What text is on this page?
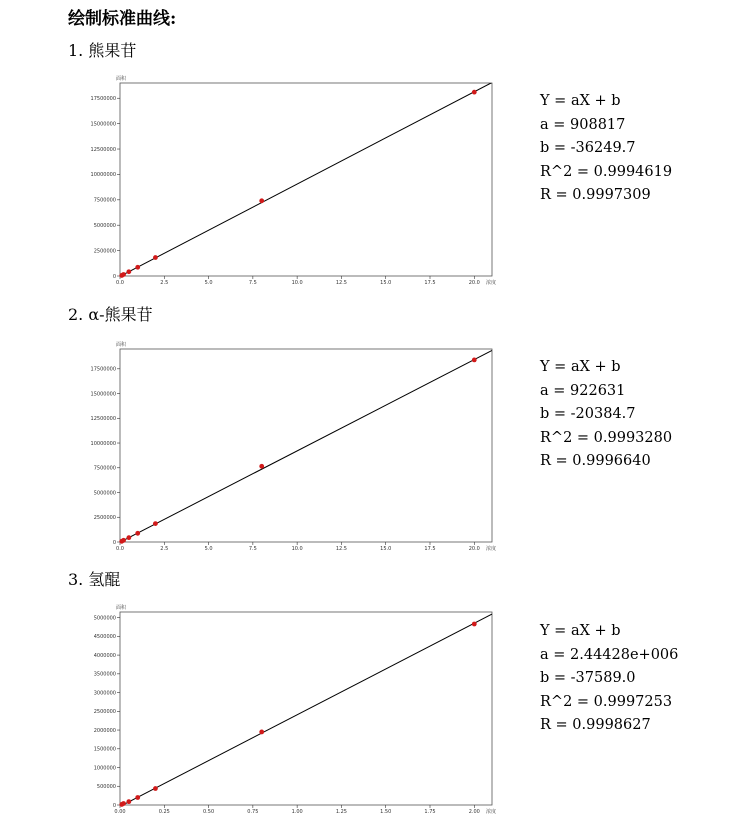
绘制标准曲线:
1. 熊果苷
面积
浓度
0
2500000
5000000
7500000
10000000
12500000
15000000
17500000
0.0	2.5	5.0	7.5	10.0	12.5	15.0	17.5	20.0
Y = aX + b
a = 908817
b = -36249.7
R^2 = 0.9994619
R = 0.9997309
2. α-熊果苷
面积
浓度
0
2500000
5000000
7500000
10000000
12500000
15000000
17500000
0.0	2.5	5.0	7.5	10.0	12.5	15.0	17.5	20.0
Y = aX + b
a = 922631
b = -20384.7
R^2 = 0.9993280
R = 0.9996640
3. 氢醌
面积
浓度
0
500000
1000000
1500000
2000000
2500000
3000000
3500000
4000000
4500000
5000000
0.00	0.25	0.50	0.75	1.00	1.25	1.50	1.75	2.00
Y = aX + b
a = 2.44428e+006
b = -37589.0
R^2 = 0.9997253
R = 0.9998627
